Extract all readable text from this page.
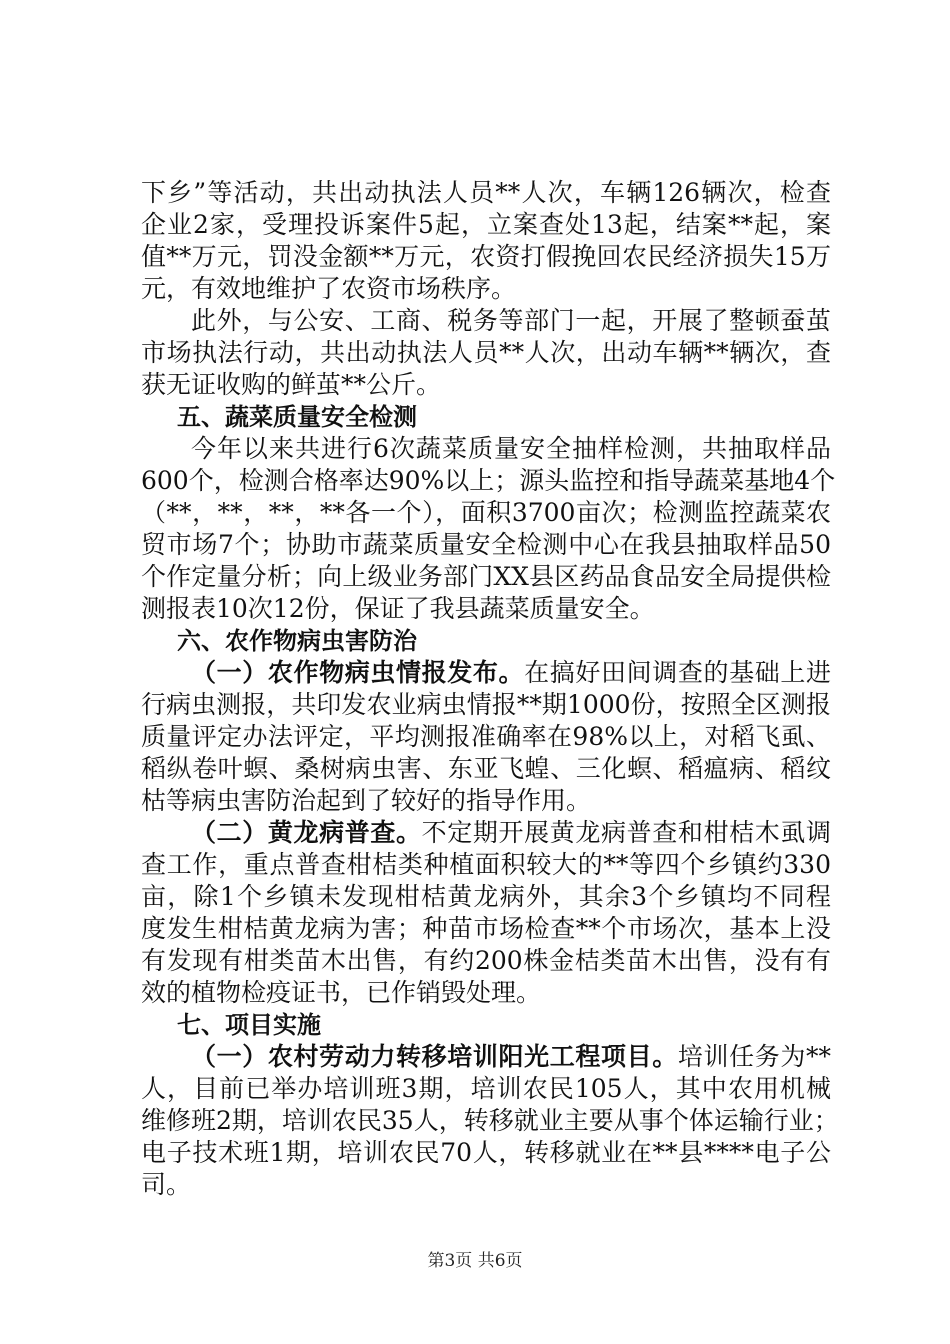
下乡”等活动，共出动执法人员**人次，车辆126辆次，检查
企业2家，受理投诉案件5起，立案查处13起，结案**起，案
值**万元，罚没金额**万元，农资打假挽回农民经济损失15万
元，有效地维护了农资市场秩序。
此外，与公安、工商、税务等部门一起，开展了整顿蚕茧
市场执法行动，共出动执法人员**人次，出动车辆**辆次，查
获无证收购的鲜茧**公斤。
五、蔬菜质量安全检测
今年以来共进行6次蔬菜质量安全抽样检测，共抽取样品
600个，检测合格率达90%以上；源头监控和指导蔬菜基地4个
（**，**，**，**各一个），面积3700亩次；检测监控蔬菜农
贸市场7个；协助市蔬菜质量安全检测中心在我县抽取样品50
个作定量分析；向上级业务部门XX县区药品食品安全局提供检
测报表10次12份，保证了我县蔬菜质量安全。
六、农作物病虫害防治
（一）农作物病虫情报发布。在搞好田间调查的基础上进
行病虫测报，共印发农业病虫情报**期1000份，按照全区测报
质量评定办法评定，平均测报准确率在98%以上，对稻飞虱、
稻纵卷叶螟、桑树病虫害、东亚飞蝗、三化螟、稻瘟病、稻纹
枯等病虫害防治起到了较好的指导作用。
（二）黄龙病普查。不定期开展黄龙病普查和柑桔木虱调
查工作，重点普查柑桔类种植面积较大的**等四个乡镇约330
亩，除1个乡镇未发现柑桔黄龙病外，其余3个乡镇均不同程
度发生柑桔黄龙病为害；种苗市场检查**个市场次，基本上没
有发现有柑类苗木出售，有约200株金桔类苗木出售，没有有
效的植物检疫证书，已作销毁处理。
七、项目实施
（一）农村劳动力转移培训阳光工程项目。培训任务为**
人，目前已举办培训班3期，培训农民105人，其中农用机械
维修班2期，培训农民35人，转移就业主要从事个体运输行业；
电子技术班1期，培训农民70人，转移就业在**县****电子公
司。
第3页 共6页
